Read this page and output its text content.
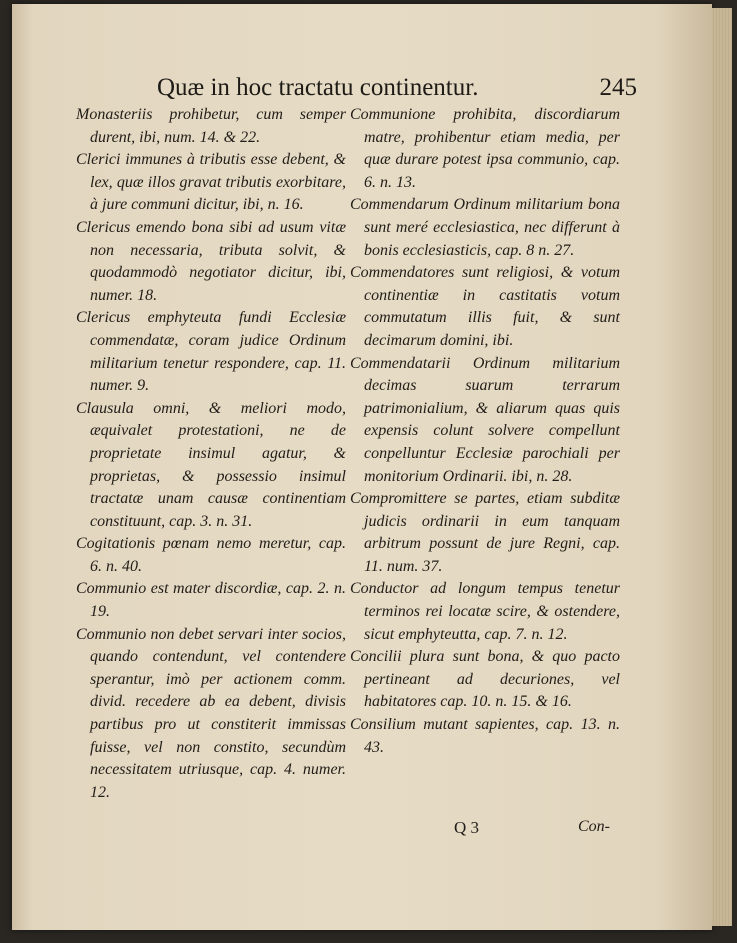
Quæ in hoc tractatu continentur.	245
Monasteriis prohibetur, cum semper durent, ibi, num. 14. & 22.
Clerici immunes à tributis esse debent, & lex, quæ illos gravat tributis exorbitare, à jure communi dicitur, ibi, n. 16.
Clericus emendo bona sibi ad usum vitæ non necessaria, tributa solvit, & quodammodò negotiator dicitur, ibi, numer. 18.
Clericus emphyteuta fundi Ecclesiæ commendatæ, coram judice Ordinum militarium tenetur respondere, cap. 11. numer. 9.
Clausula omni, & meliori modo, æquivalet protestationi, ne de proprietate insimul agatur, & proprietas, & possessio insimul tractatæ unam causæ continentiam constituunt, cap. 3. n. 31.
Cogitationis pœnam nemo meretur, cap. 6. n. 40.
Communio est mater discordiæ, cap. 2. n. 19.
Communio non debet servari inter socios, quando contendunt, vel contendere sperantur, imò per actionem comm. divid. recedere ab ea debent, divisis partibus pro ut constiterit immissas fuisse, vel non constito, secundùm necessitatem utriusque, cap. 4. numer. 12.
Communione prohibita, discordiarum matre, prohibentur etiam media, per quæ durare potest ipsa communio, cap. 6. n. 13.
Commendarum Ordinum militarium bona sunt meré ecclesiastica, nec differunt à bonis ecclesiasticis, cap. 8 n. 27.
Commendatores sunt religiosi, & votum continentiæ in castitatis votum commutatum illis fuit, & sunt decimarum domini, ibi.
Commendatarii Ordinum militarium decimas suarum terrarum patrimonialium, & aliarum quas quis expensis colunt solvere compellunt conpelluntur Ecclesiæ parochiali per monitorium Ordinarii. ibi, n. 28.
Compromittere se partes, etiam subditæ judicis ordinarii in eum tanquam arbitrum possunt de jure Regni, cap. 11. num. 37.
Conductor ad longum tempus tenetur terminos rei locatæ scire, & ostendere, sicut emphyteutta, cap. 7. n. 12.
Concilii plura sunt bona, & quo pacto pertineant ad decuriones, vel habitatores cap. 10. n. 15. & 16.
Consilium mutant sapientes, cap. 13. n. 43.
Q 3	Con-
